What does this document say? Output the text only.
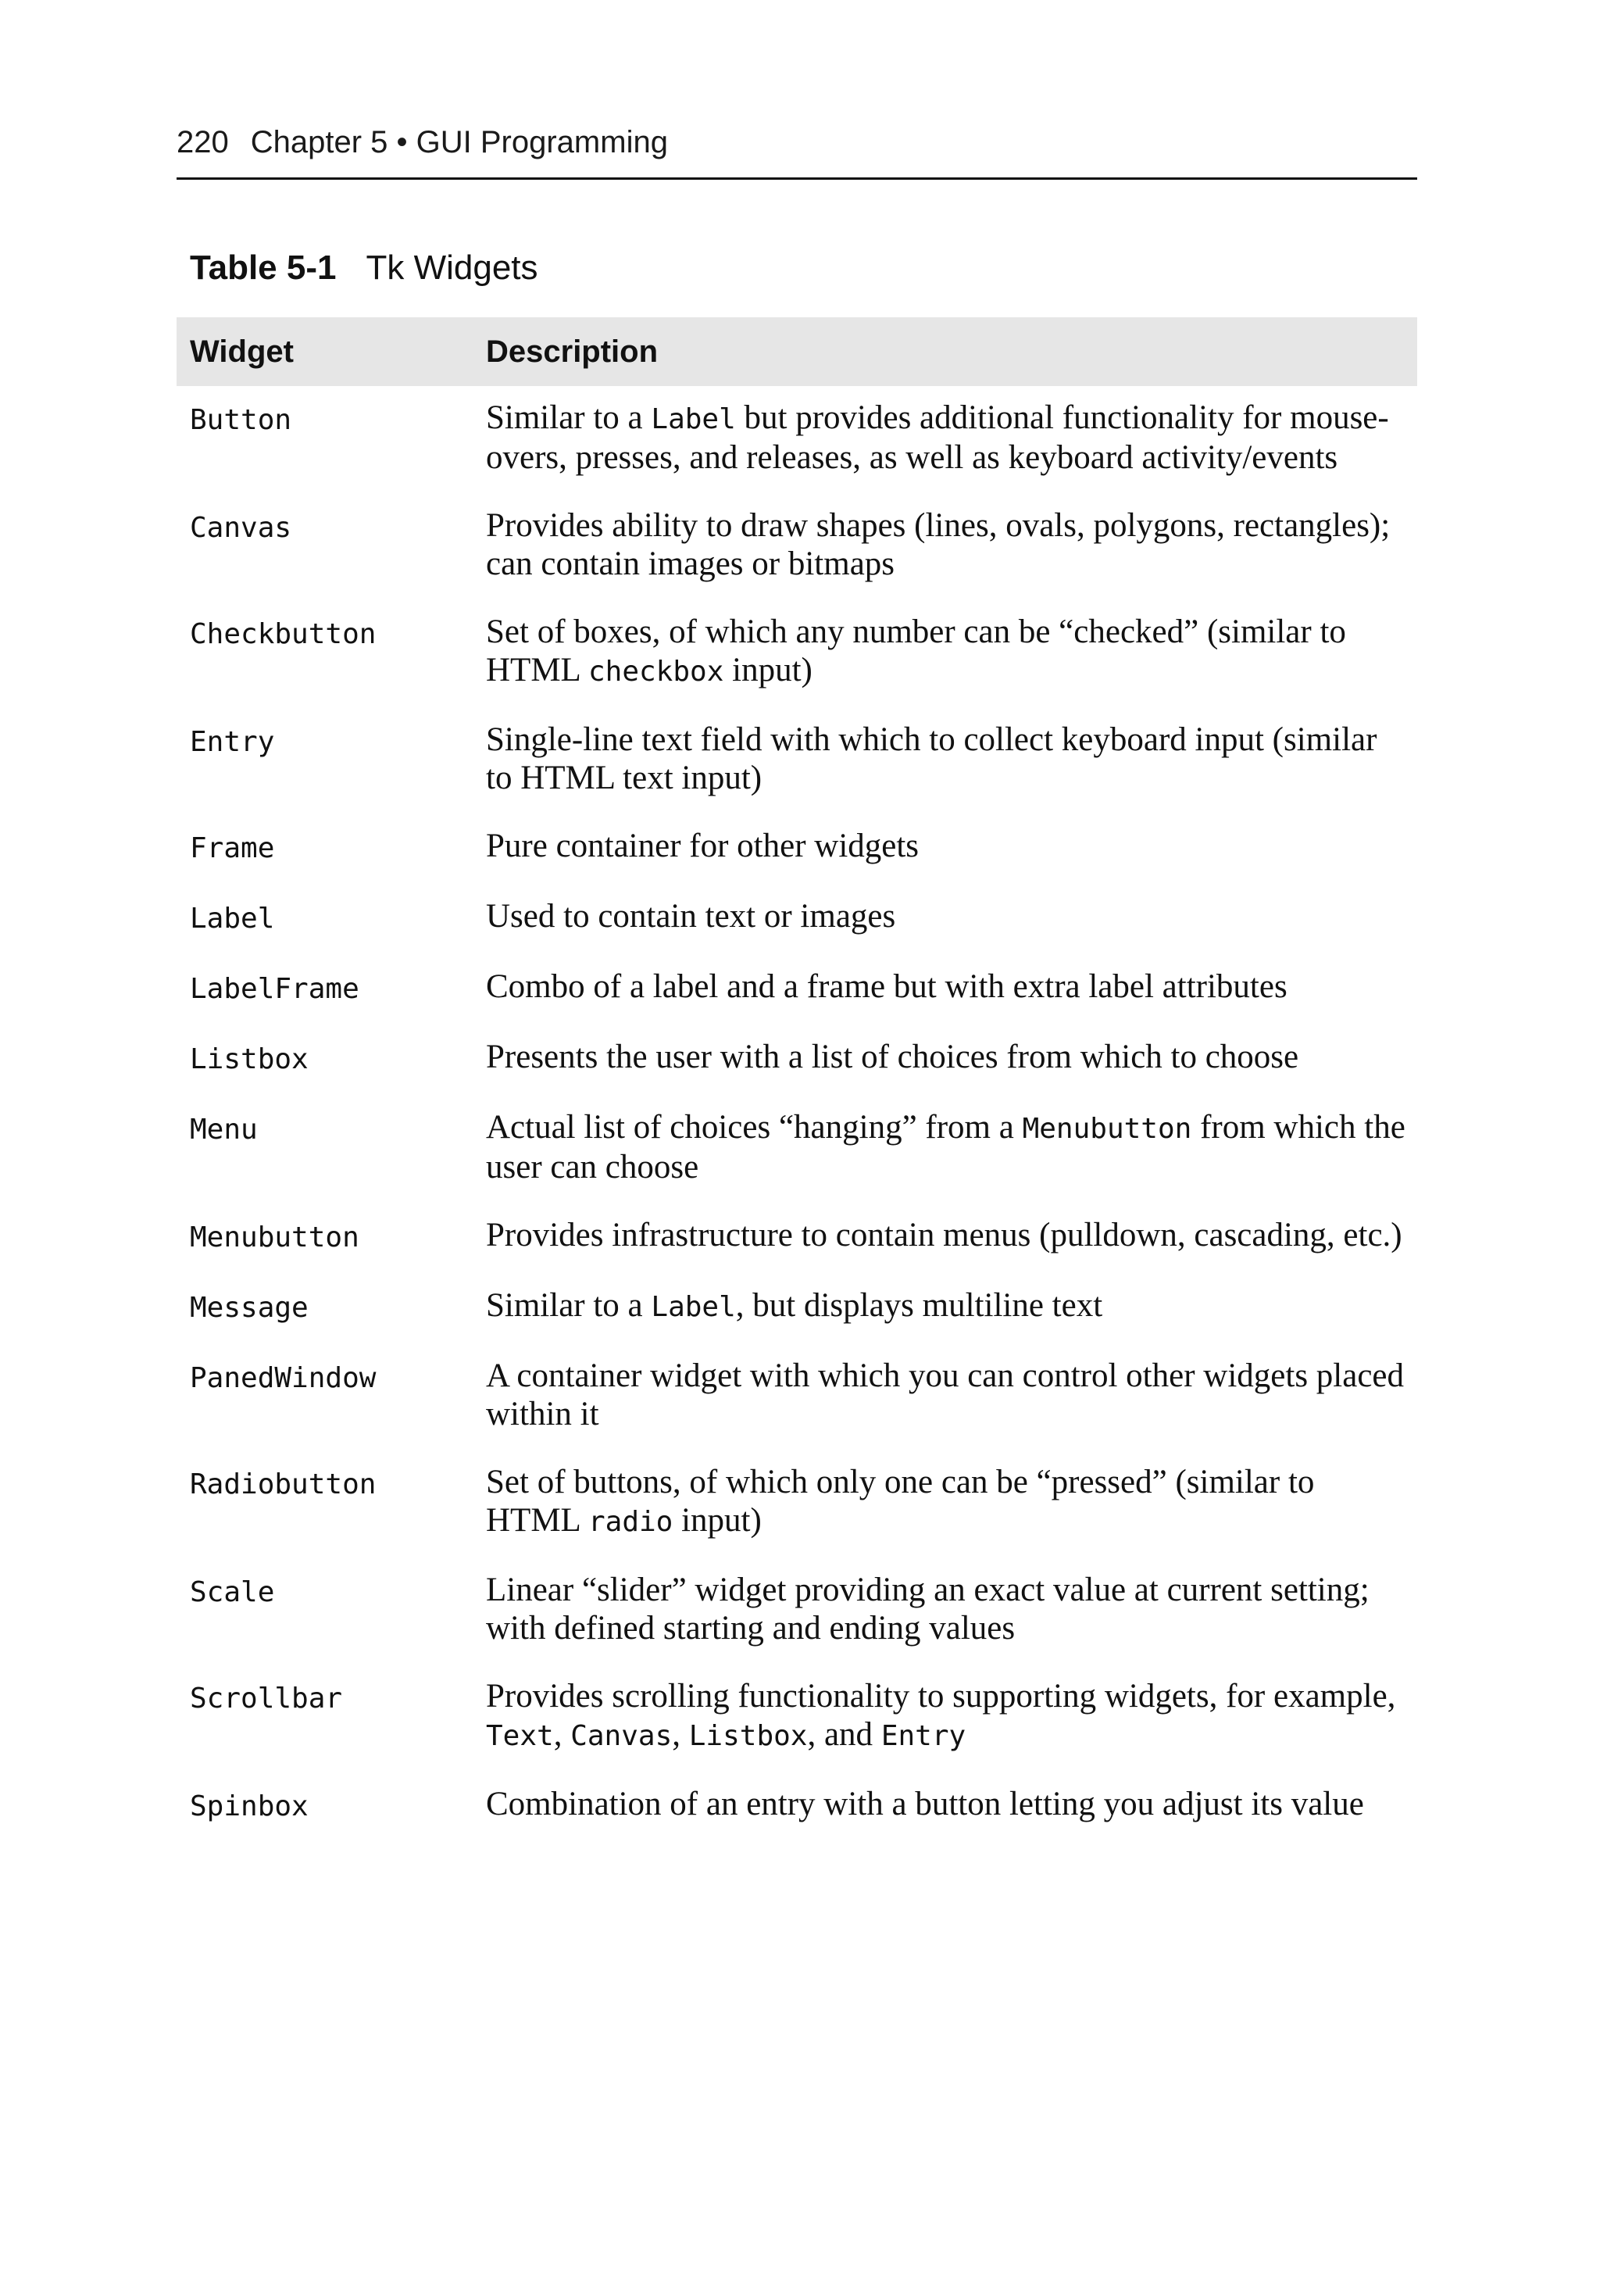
220 Chapter 5 • GUI Programming
Table 5-1 Tk Widgets
Widget	Description
Button	Similar to a Label but provides additional functionality for mouse-overs, presses, and releases, as well as keyboard activity/events
Canvas	Provides ability to draw shapes (lines, ovals, polygons, rectangles); can contain images or bitmaps
Checkbutton	Set of boxes, of which any number can be “checked” (similar to HTML checkbox input)
Entry	Single-line text field with which to collect keyboard input (similar to HTML text input)
Frame	Pure container for other widgets
Label	Used to contain text or images
LabelFrame	Combo of a label and a frame but with extra label attributes
Listbox	Presents the user with a list of choices from which to choose
Menu	Actual list of choices “hanging” from a Menubutton from which the user can choose
Menubutton	Provides infrastructure to contain menus (pulldown, cascading, etc.)
Message	Similar to a Label, but displays multiline text
PanedWindow	A container widget with which you can control other widgets placed within it
Radiobutton	Set of buttons, of which only one can be “pressed” (similar to HTML radio input)
Scale	Linear “slider” widget providing an exact value at current setting; with defined starting and ending values
Scrollbar	Provides scrolling functionality to supporting widgets, for example, Text, Canvas, Listbox, and Entry
Spinbox	Combination of an entry with a button letting you adjust its value
